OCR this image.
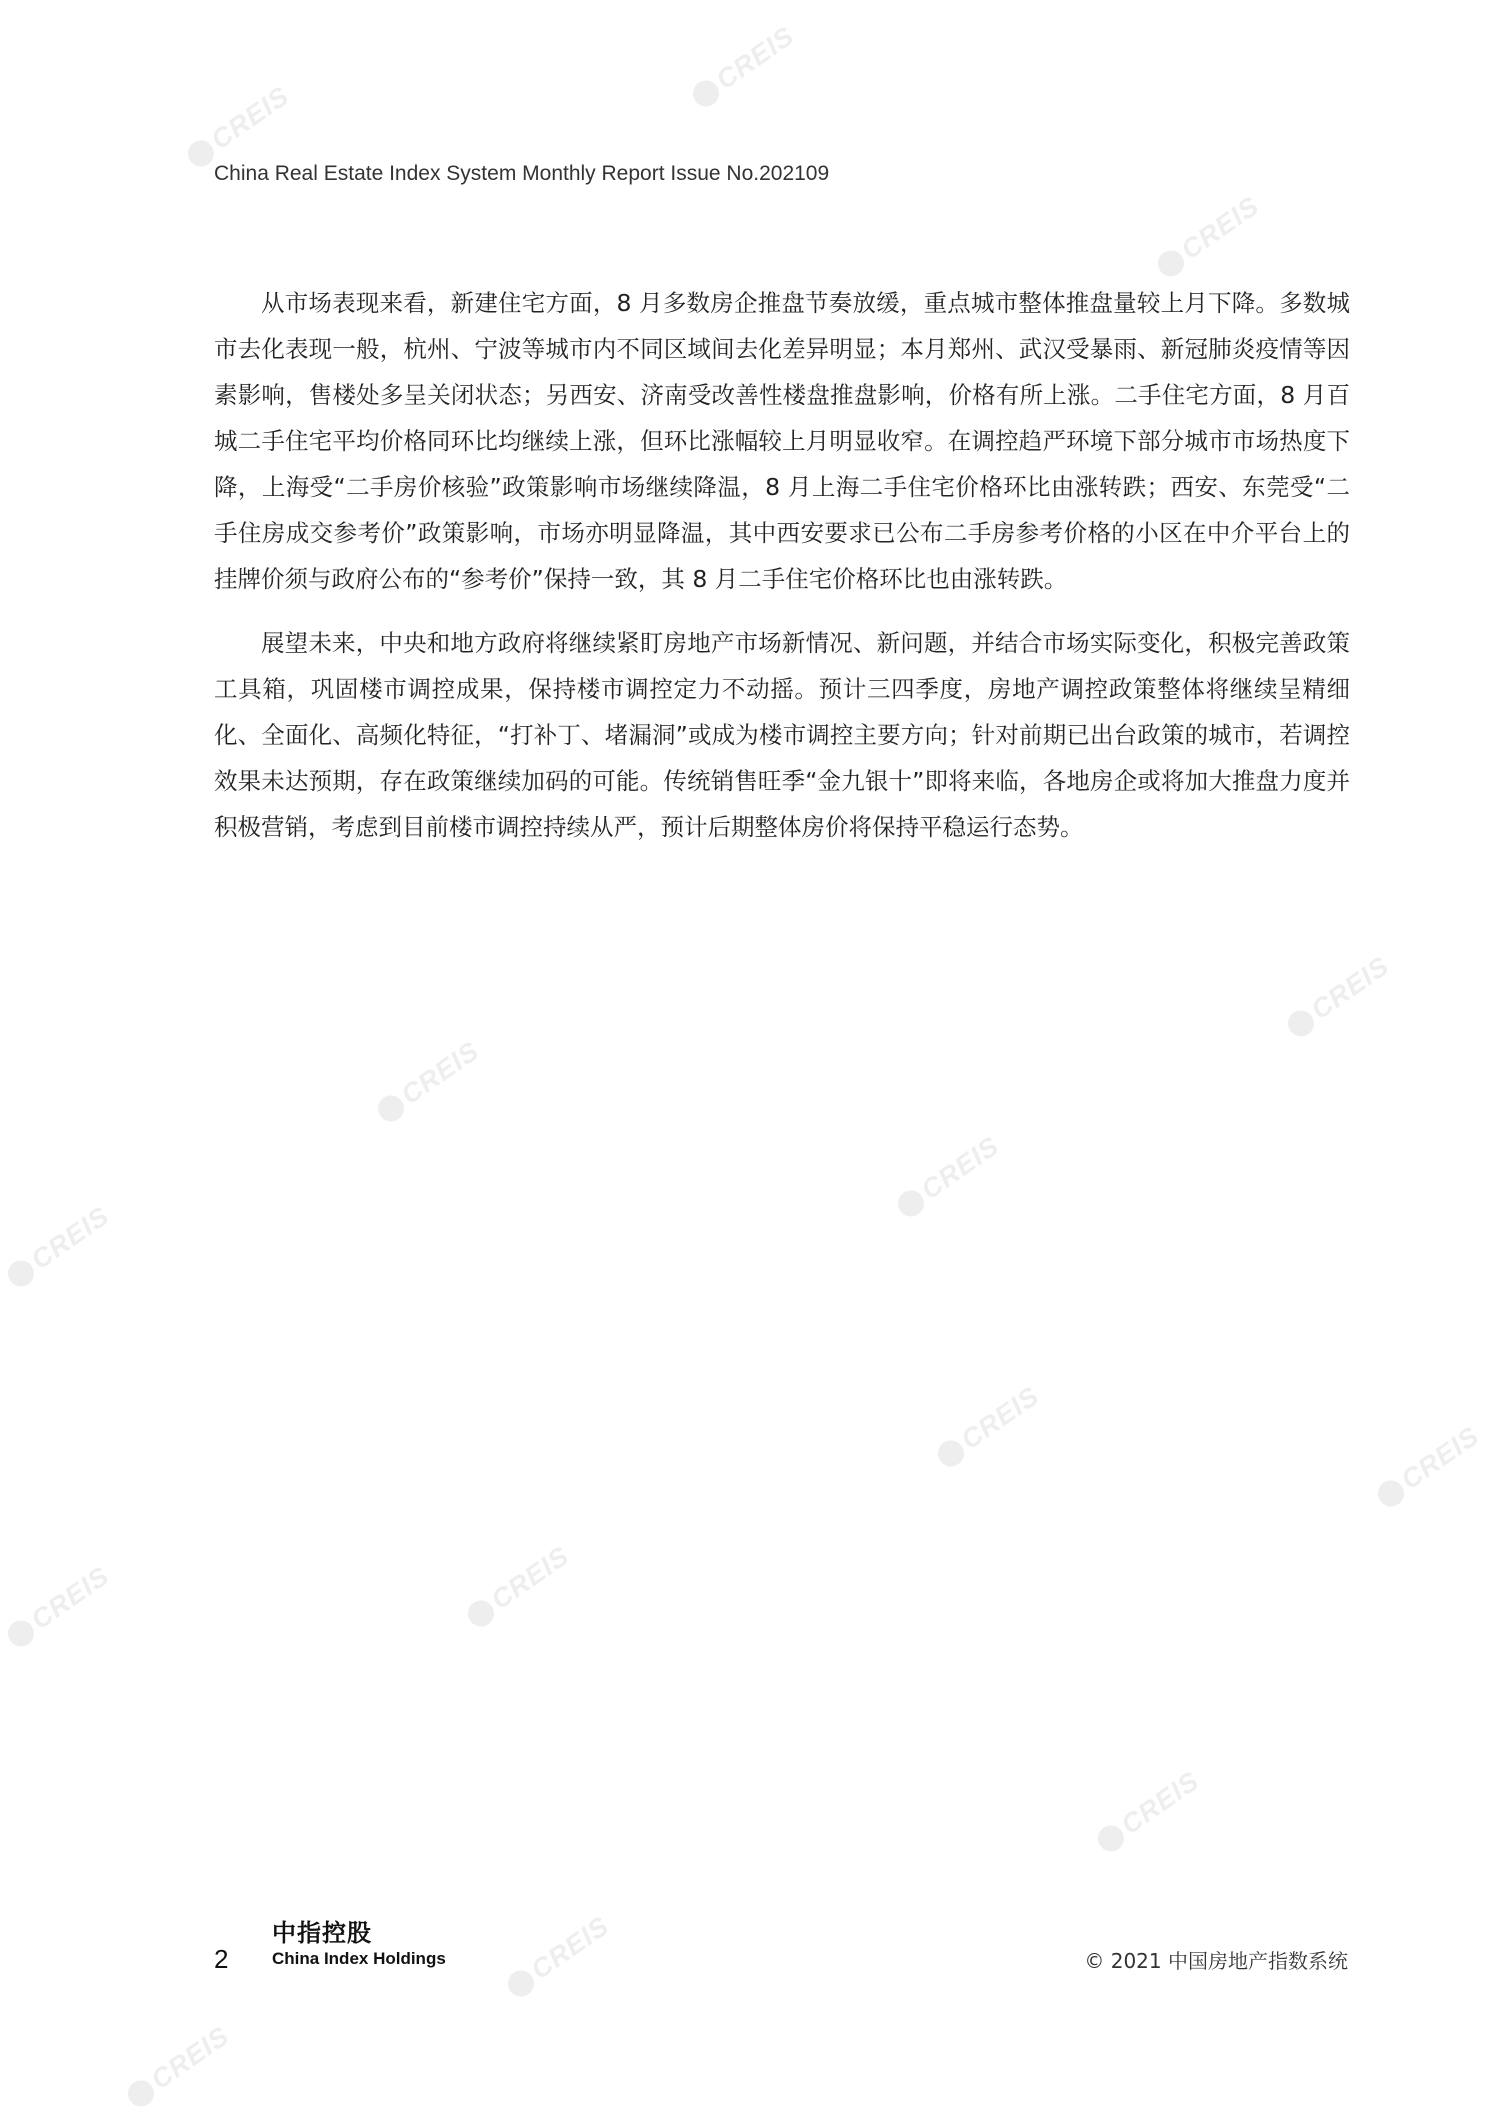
CREIS
CREIS
CREIS
CREIS
CREIS
CREIS
CREIS
CREIS
CREIS
CREIS
CREIS
CREIS
CREIS
CREIS
China Real Estate Index System Monthly Report Issue No.202109

从市场表现来看，新建住宅方面，8 月多数房企推盘节奏放缓，重点城市整体推盘量较上月下降。多数城市去化表现一般，杭州、宁波等城市内不同区域间去化差异明显；本月郑州、武汉受暴雨、新冠肺炎疫情等因素影响，售楼处多呈关闭状态；另西安、济南受改善性楼盘推盘影响，价格有所上涨。二手住宅方面，8 月百城二手住宅平均价格同环比均继续上涨，但环比涨幅较上月明显收窄。在调控趋严环境下部分城市市场热度下降，上海受“二手房价核验”政策影响市场继续降温，8 月上海二手住宅价格环比由涨转跌；西安、东莞受“二手住房成交参考价”政策影响，市场亦明显降温，其中西安要求已公布二手房参考价格的小区在中介平台上的挂牌价须与政府公布的“参考价”保持一致，其 8 月二手住宅价格环比也由涨转跌。

展望未来，中央和地方政府将继续紧盯房地产市场新情况、新问题，并结合市场实际变化，积极完善政策工具箱，巩固楼市调控成果，保持楼市调控定力不动摇。预计三四季度，房地产调控政策整体将继续呈精细化、全面化、高频化特征，“打补丁、堵漏洞”或成为楼市调控主要方向；针对前期已出台政策的城市，若调控效果未达预期，存在政策继续加码的可能。传统销售旺季“金九银十”即将来临，各地房企或将加大推盘力度并积极营销，考虑到目前楼市调控持续从严，预计后期整体房价将保持平稳运行态势。

2
中指控股
China Index Holdings	© 2021 中国房地产指数系统
